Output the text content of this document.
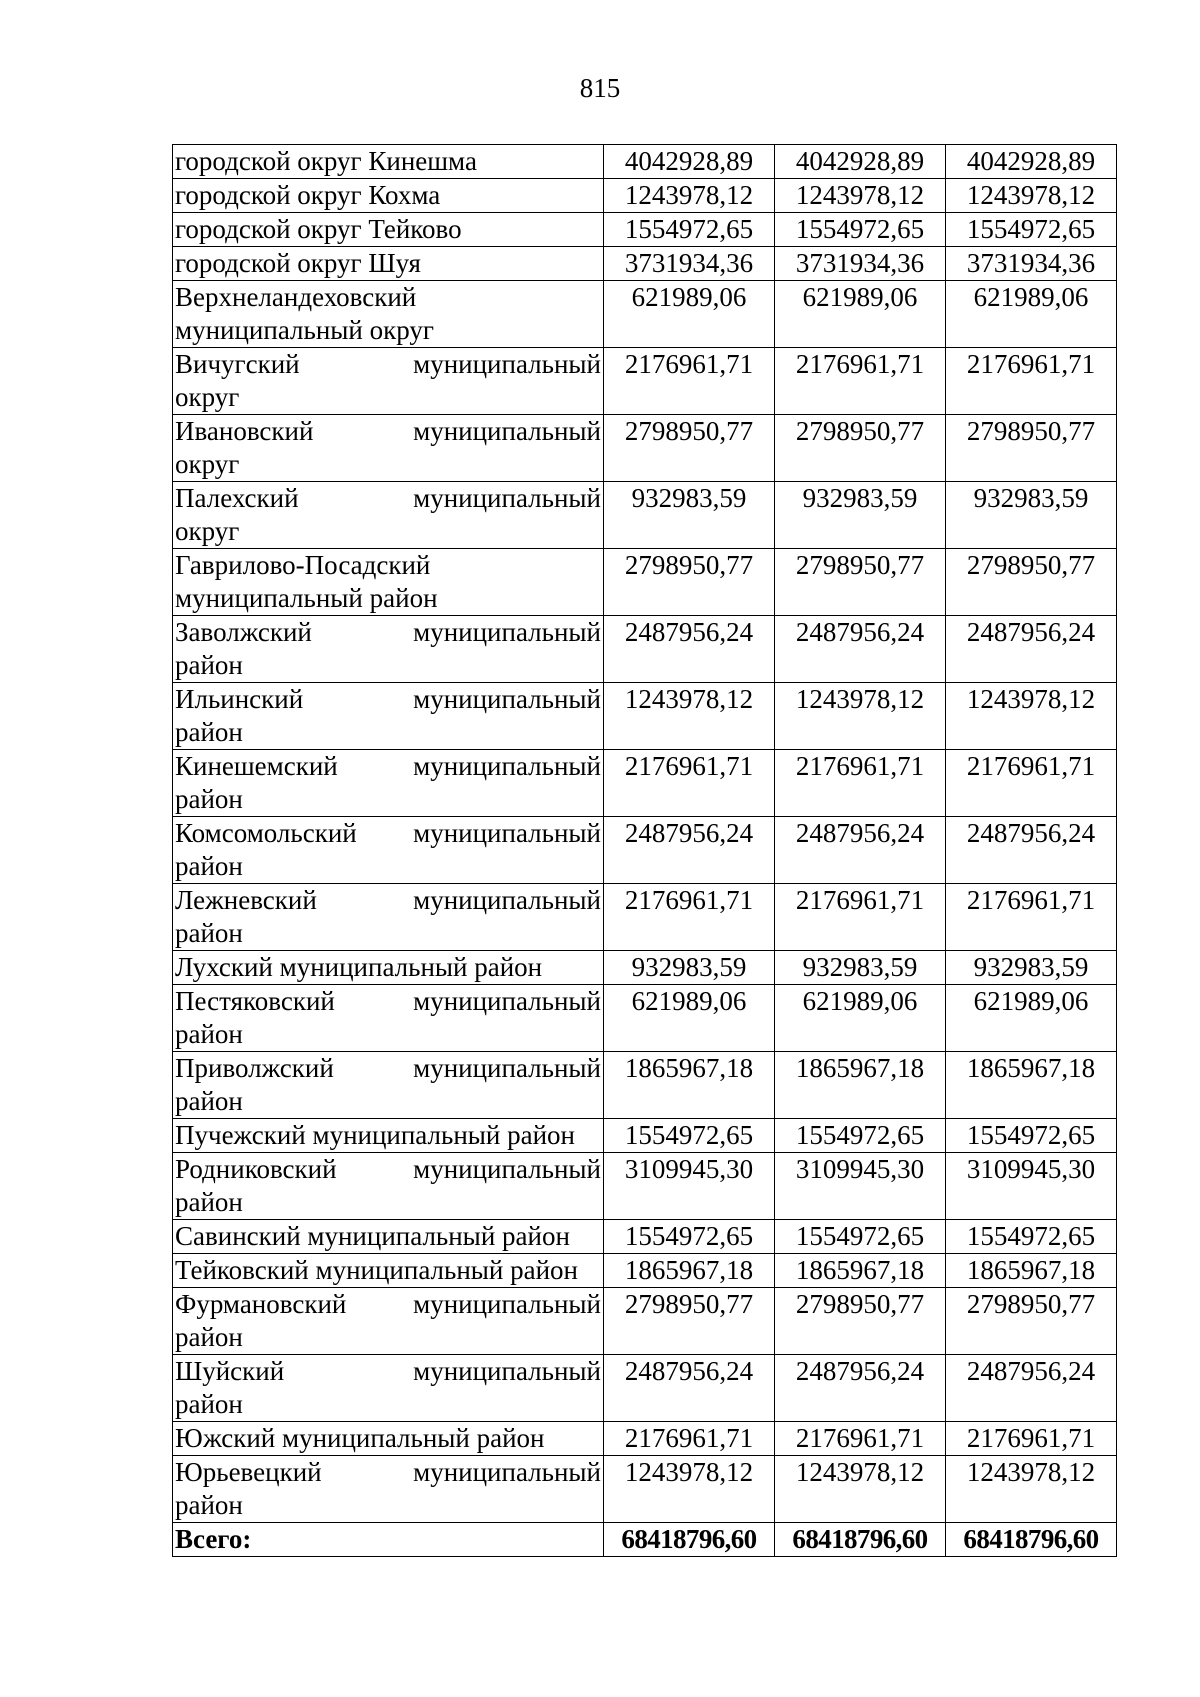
815
городской округ Кинешма	4042928,89	4042928,89	4042928,89
городской округ Кохма	1243978,12	1243978,12	1243978,12
городской округ Тейково	1554972,65	1554972,65	1554972,65
городской округ Шуя	3731934,36	3731934,36	3731934,36

Верхнеландеховский
муниципальный округ	621989,06	621989,06	621989,06

Вичугский муниципальный
округ	2176961,71	2176961,71	2176961,71

Ивановский муниципальный
округ	2798950,77	2798950,77	2798950,77

Палехский муниципальный
округ	932983,59	932983,59	932983,59

Гаврилово-Посадский
муниципальный район	2798950,77	2798950,77	2798950,77

Заволжский муниципальный
район	2487956,24	2487956,24	2487956,24

Ильинский муниципальный
район	1243978,12	1243978,12	1243978,12

Кинешемский муниципальный
район	2176961,71	2176961,71	2176961,71

Комсомольский муниципальный
район	2487956,24	2487956,24	2487956,24

Лежневский муниципальный
район	2176961,71	2176961,71	2176961,71
Лухский муниципальный район	932983,59	932983,59	932983,59

Пестяковский муниципальный
район	621989,06	621989,06	621989,06

Приволжский муниципальный
район	1865967,18	1865967,18	1865967,18
Пучежский муниципальный район	1554972,65	1554972,65	1554972,65

Родниковский муниципальный
район	3109945,30	3109945,30	3109945,30
Савинский муниципальный район	1554972,65	1554972,65	1554972,65
Тейковский муниципальный район	1865967,18	1865967,18	1865967,18

Фурмановский муниципальный
район	2798950,77	2798950,77	2798950,77

Шуйский муниципальный
район	2487956,24	2487956,24	2487956,24
Южский муниципальный район	2176961,71	2176961,71	2176961,71

Юрьевецкий муниципальный
район	1243978,12	1243978,12	1243978,12
Всего:	68418796,60	68418796,60	68418796,60
